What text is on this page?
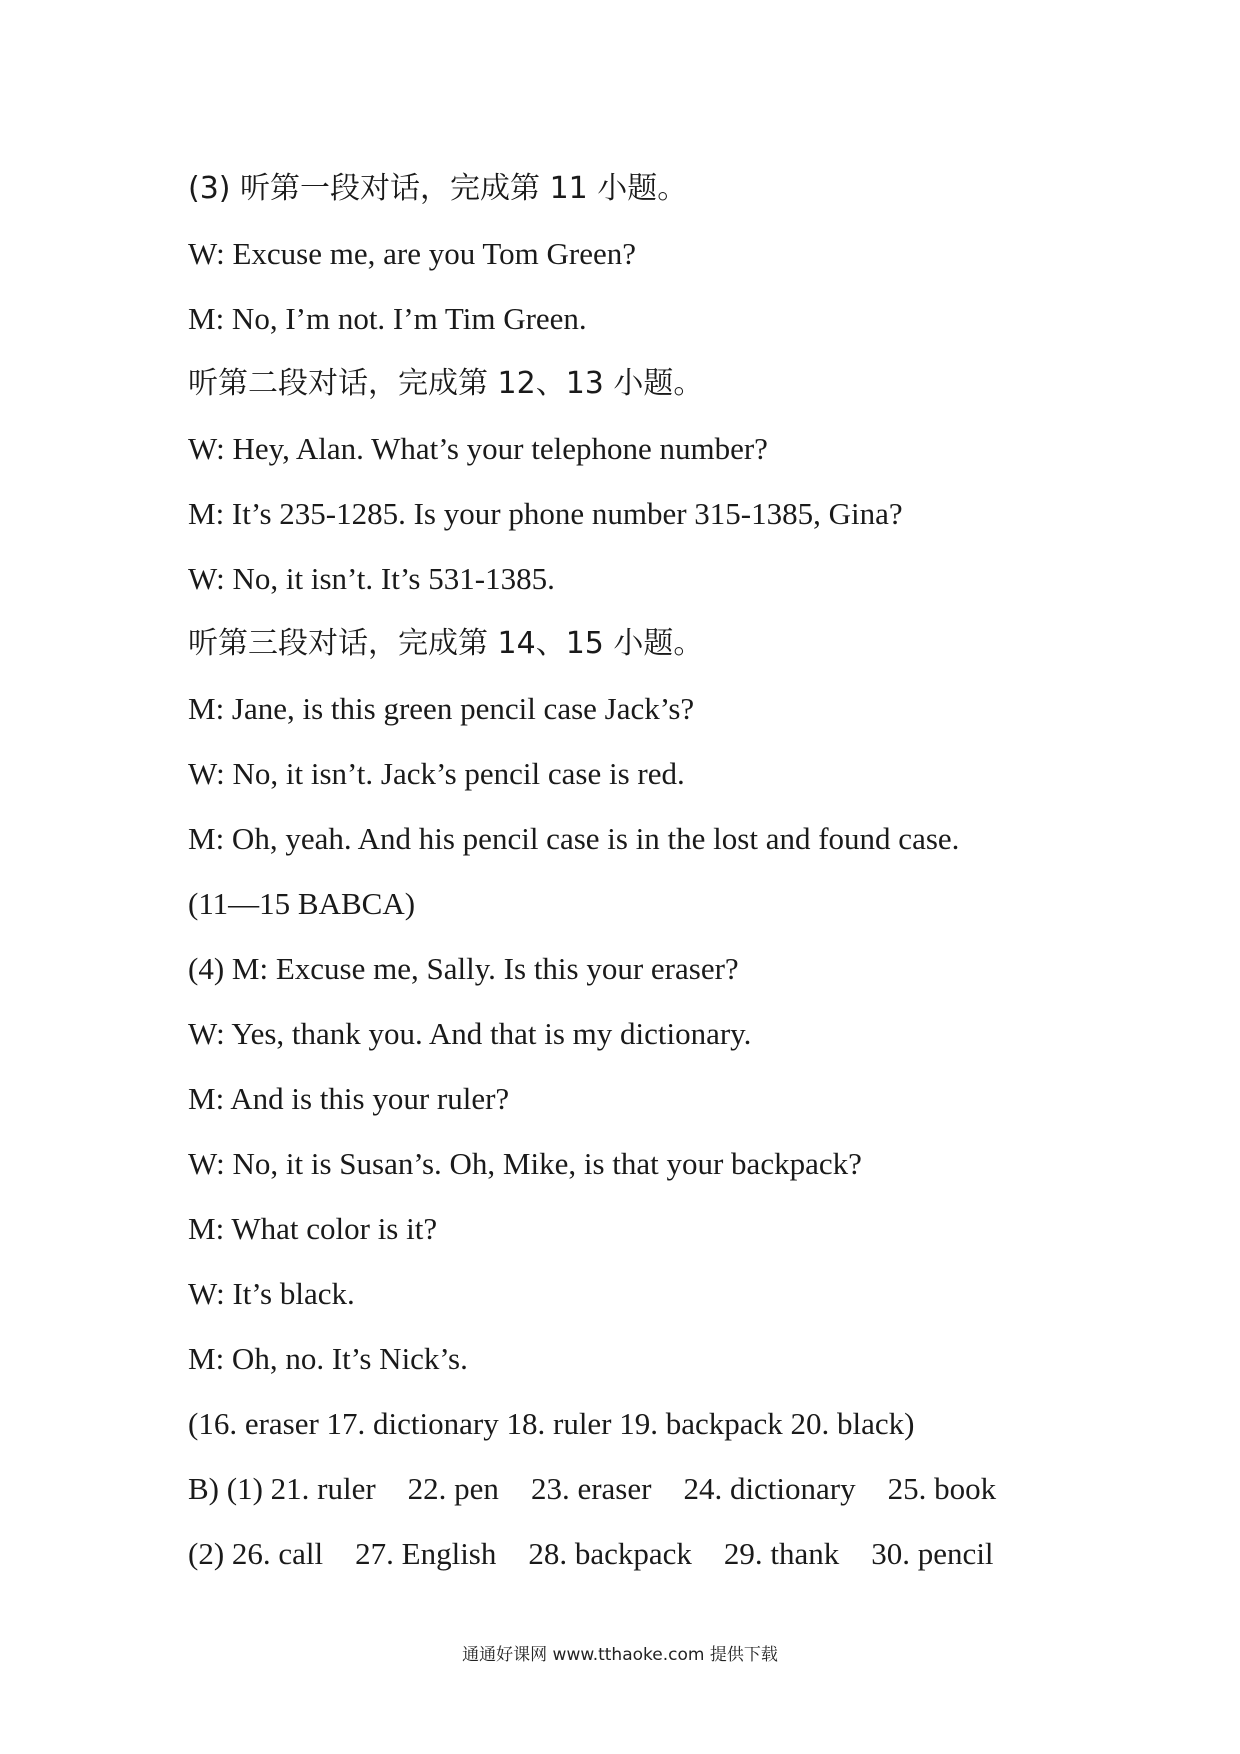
(3) 听第一段对话，完成第 11 小题。
W: Excuse me, are you Tom Green?
M: No, I’m not. I’m Tim Green.
听第二段对话，完成第 12、13 小题。
W: Hey, Alan. What’s your telephone number?
M: It’s 235-1285. Is your phone number 315-1385, Gina?
W: No, it isn’t. It’s 531-1385.
听第三段对话，完成第 14、15 小题。
M: Jane, is this green pencil case Jack’s?
W: No, it isn’t. Jack’s pencil case is red.
M: Oh, yeah. And his pencil case is in the lost and found case.
(11—15 BABCA)
(4) M: Excuse me, Sally. Is this your eraser?
W: Yes, thank you. And that is my dictionary.
M: And is this your ruler?
W: No, it is Susan’s. Oh, Mike, is that your backpack?
M: What color is it?
W: It’s black.
M: Oh, no. It’s Nick’s.
(16. eraser 17. dictionary 18. ruler 19. backpack 20. black)
B) (1) 21. ruler 22. pen 23. eraser 24. dictionary 25. book
(2) 26. call 27. English 28. backpack 29. thank 30. pencil
通通好课网 www.tthaoke.com 提供下载
